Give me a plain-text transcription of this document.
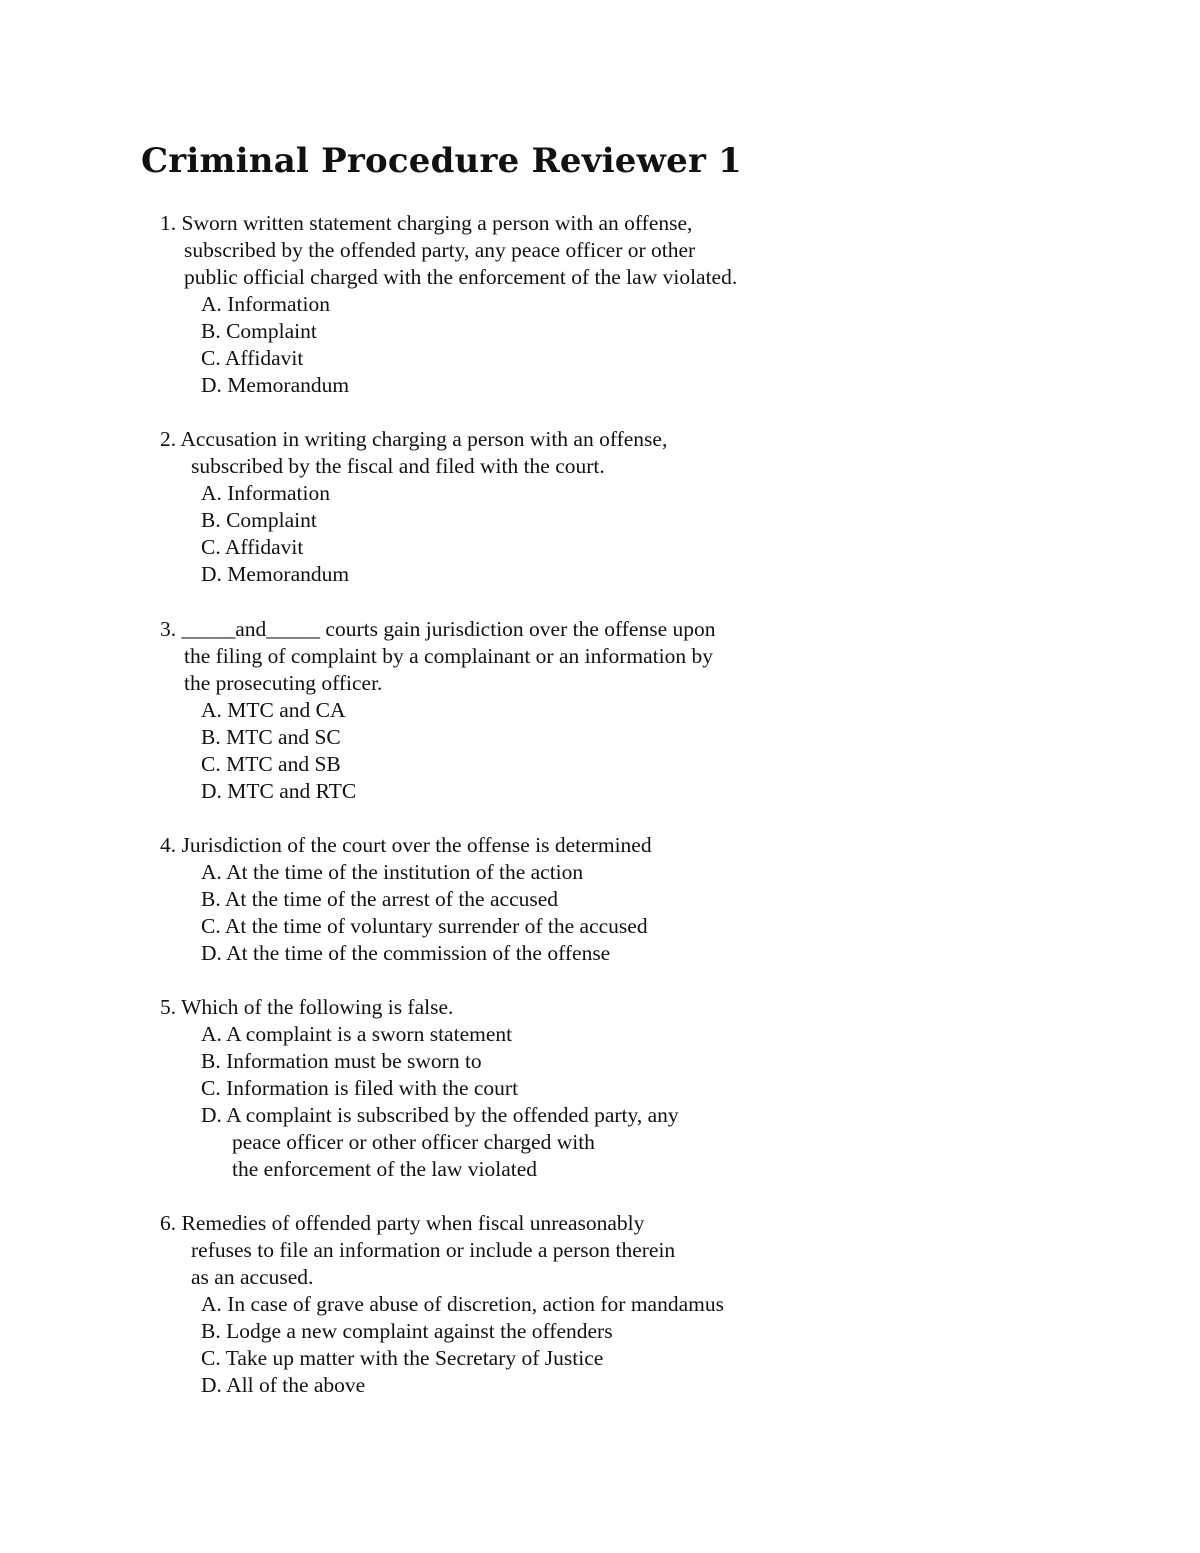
Criminal Procedure Reviewer 1
1. Sworn written statement charging a person with an offense,
subscribed by the offended party, any peace officer or other
public official charged with the enforcement of the law violated.
A. Information
B. Complaint
C. Affidavit
D. Memorandum
2. Accusation in writing charging a person with an offense,
subscribed by the fiscal and filed with the court.
A. Information
B. Complaint
C. Affidavit
D. Memorandum
3. _____and_____ courts gain jurisdiction over the offense upon
the filing of complaint by a complainant or an information by
the prosecuting officer.
A. MTC and CA
B. MTC and SC
C. MTC and SB
D. MTC and RTC
4. Jurisdiction of the court over the offense is determined
A. At the time of the institution of the action
B. At the time of the arrest of the accused
C. At the time of voluntary surrender of the accused
D. At the time of the commission of the offense
5. Which of the following is false.
A. A complaint is a sworn statement
B. Information must be sworn to
C. Information is filed with the court
D. A complaint is subscribed by the offended party, any
peace officer or other officer charged with
the enforcement of the law violated
6. Remedies of offended party when fiscal unreasonably
refuses to file an information or include a person therein
as an accused.
A. In case of grave abuse of discretion, action for mandamus
B. Lodge a new complaint against the offenders
C. Take up matter with the Secretary of Justice
D. All of the above
